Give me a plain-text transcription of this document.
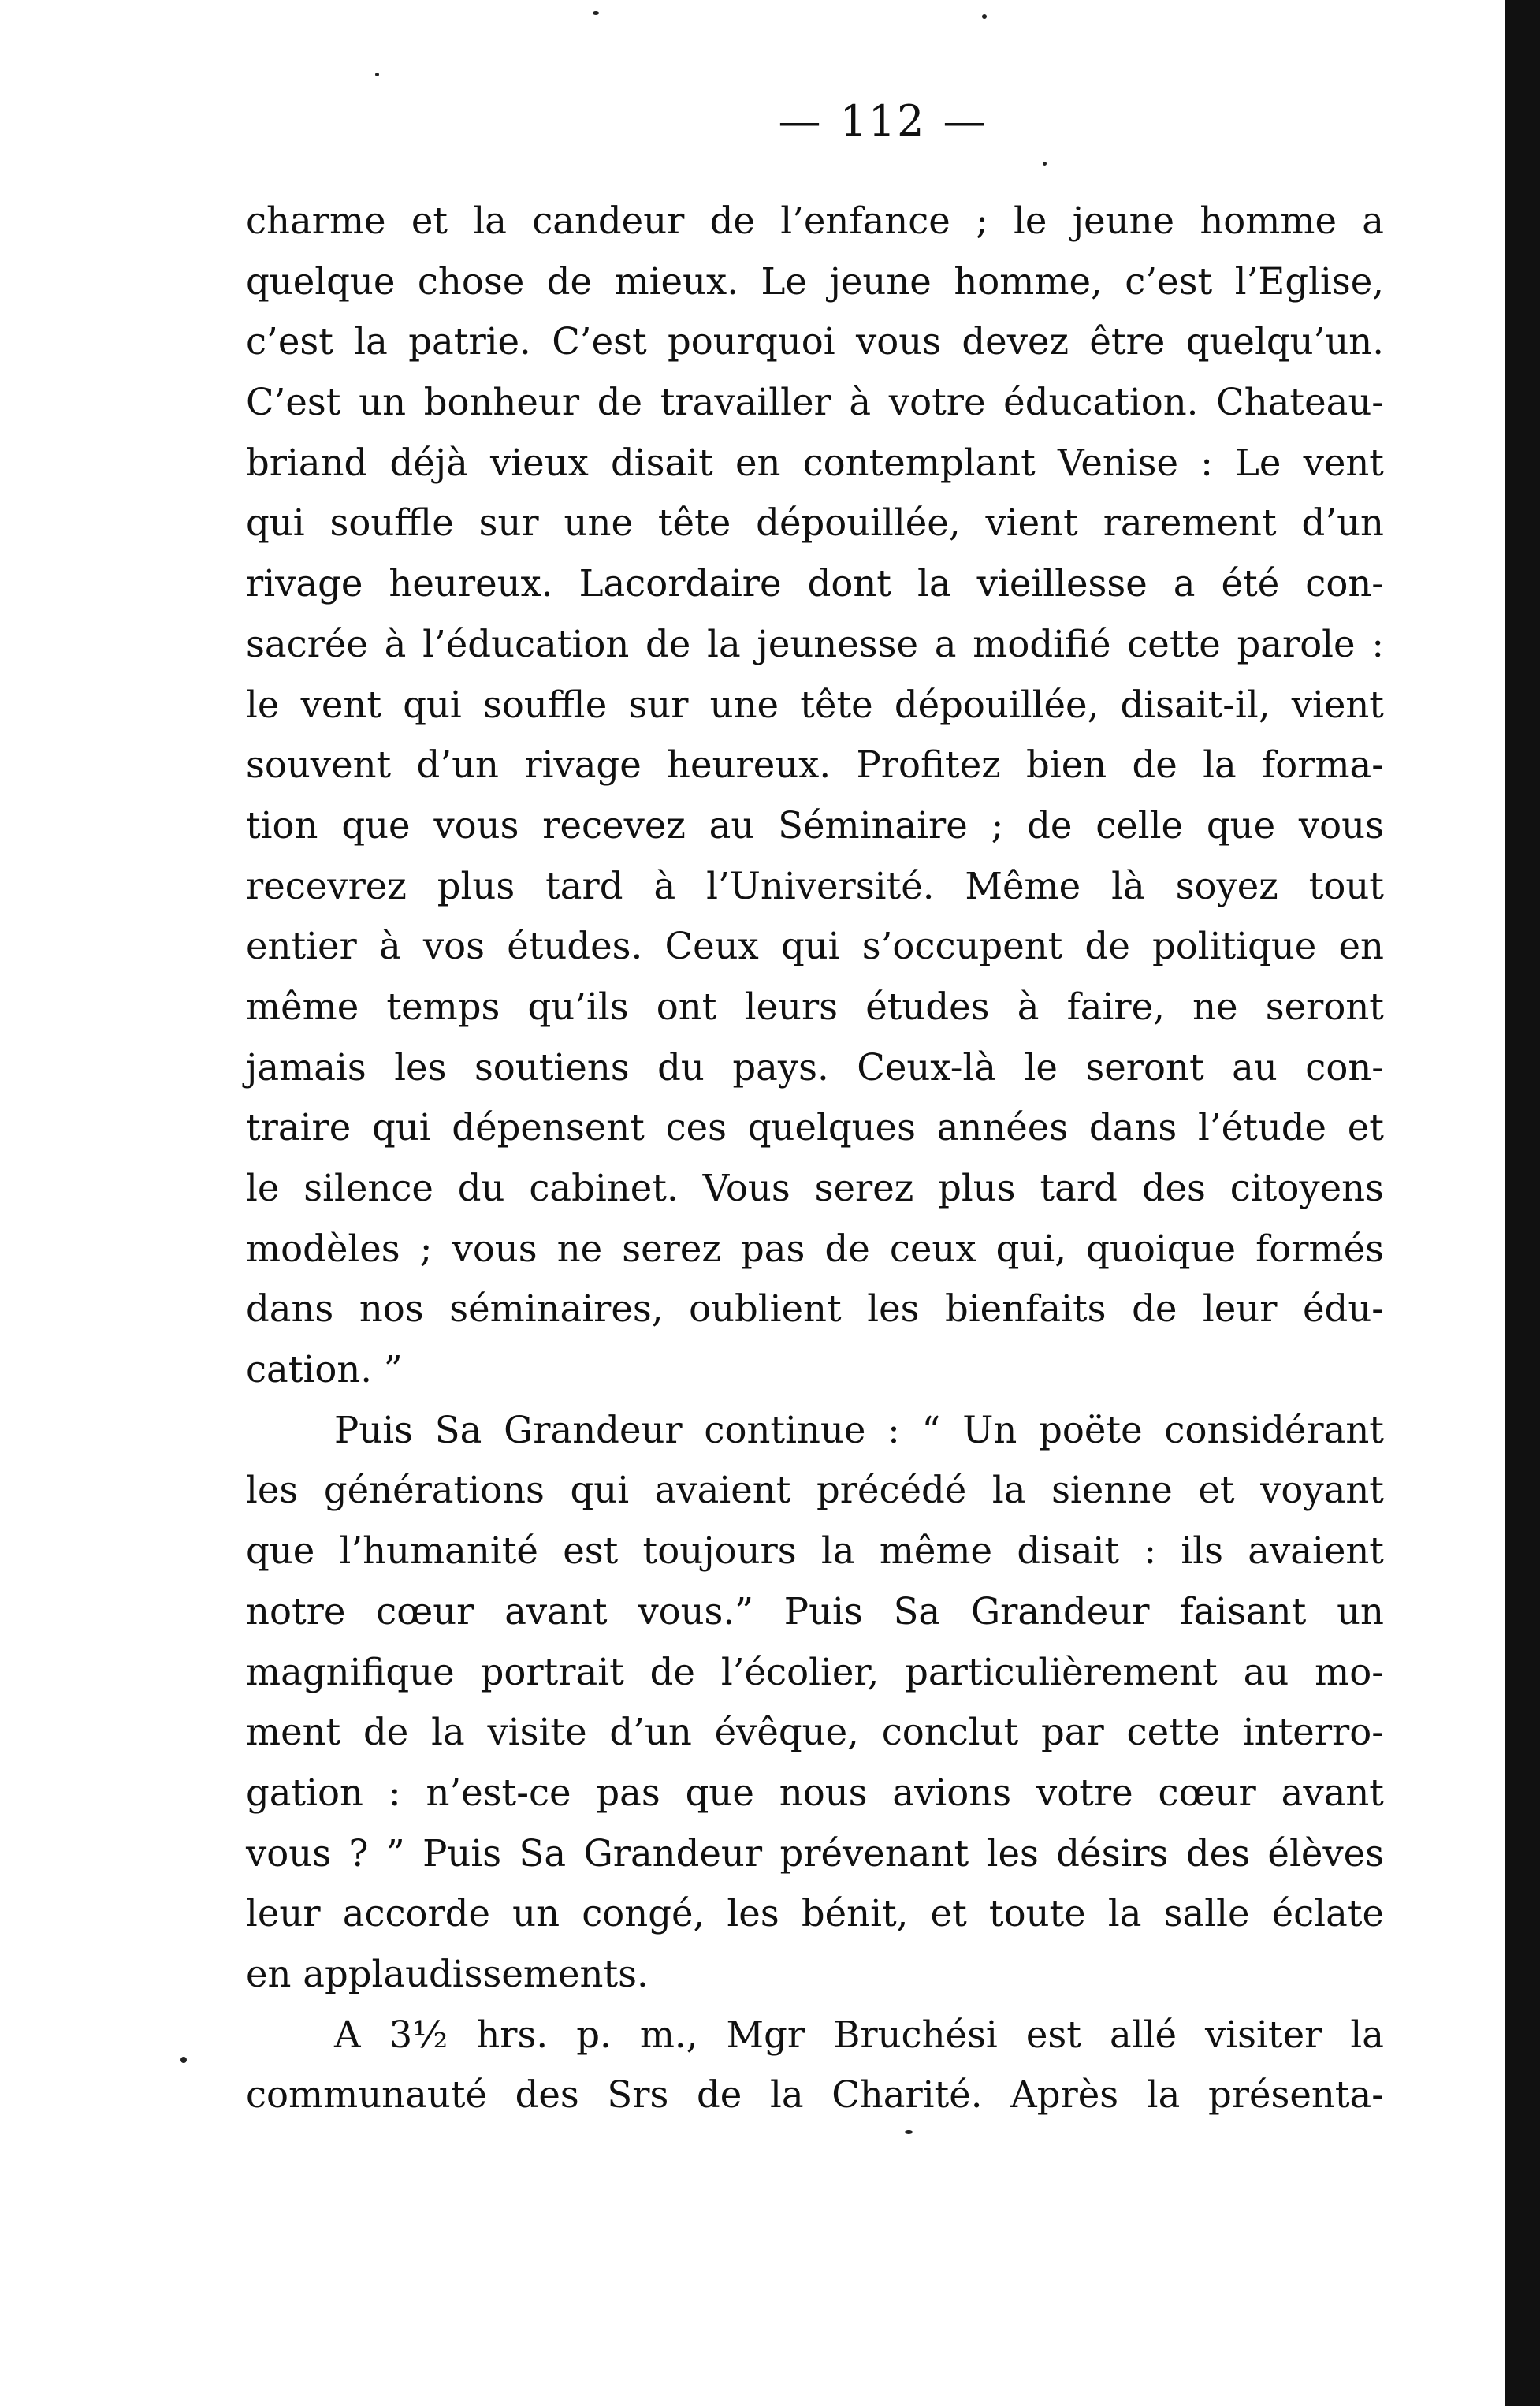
— 112 —
charme et la candeur de l’enfance ; le jeune homme a
quelque chose de mieux. Le jeune homme, c’est l’Eglise,
c’est la patrie. C’est pourquoi vous devez être quelqu’un.
C’est un bonheur de travailler à votre éducation. Chateau-
briand déjà vieux disait en contemplant Venise : Le vent
qui souffle sur une tête dépouillée, vient rarement d’un
rivage heureux. Lacordaire dont la vieillesse a été con-
sacrée à l’éducation de la jeunesse a modifié cette parole :
le vent qui souffle sur une tête dépouillée, disait-il, vient
souvent d’un rivage heureux. Profitez bien de la forma-
tion que vous recevez au Séminaire ; de celle que vous
recevrez plus tard à l’Université. Même là soyez tout
entier à vos études. Ceux qui s’occupent de politique en
même temps qu’ils ont leurs études à faire, ne seront
jamais les soutiens du pays. Ceux-là le seront au con-
traire qui dépensent ces quelques années dans l’étude et
le silence du cabinet. Vous serez plus tard des citoyens
modèles ; vous ne serez pas de ceux qui, quoique formés
dans nos séminaires, oublient les bienfaits de leur édu-
cation. ”
Puis Sa Grandeur continue : “ Un poëte considérant
les générations qui avaient précédé la sienne et voyant
que l’humanité est toujours la même disait : ils avaient
notre cœur avant vous.” Puis Sa Grandeur faisant un
magnifique portrait de l’écolier, particulièrement au mo-
ment de la visite d’un évêque, conclut par cette interro-
gation : n’est-ce pas que nous avions votre cœur avant
vous ? ” Puis Sa Grandeur prévenant les désirs des élèves
leur accorde un congé, les bénit, et toute la salle éclate
en applaudissements.
A 3½ hrs. p. m., Mgr Bruchési est allé visiter la
communauté des Srs de la Charité. Après la présenta-
